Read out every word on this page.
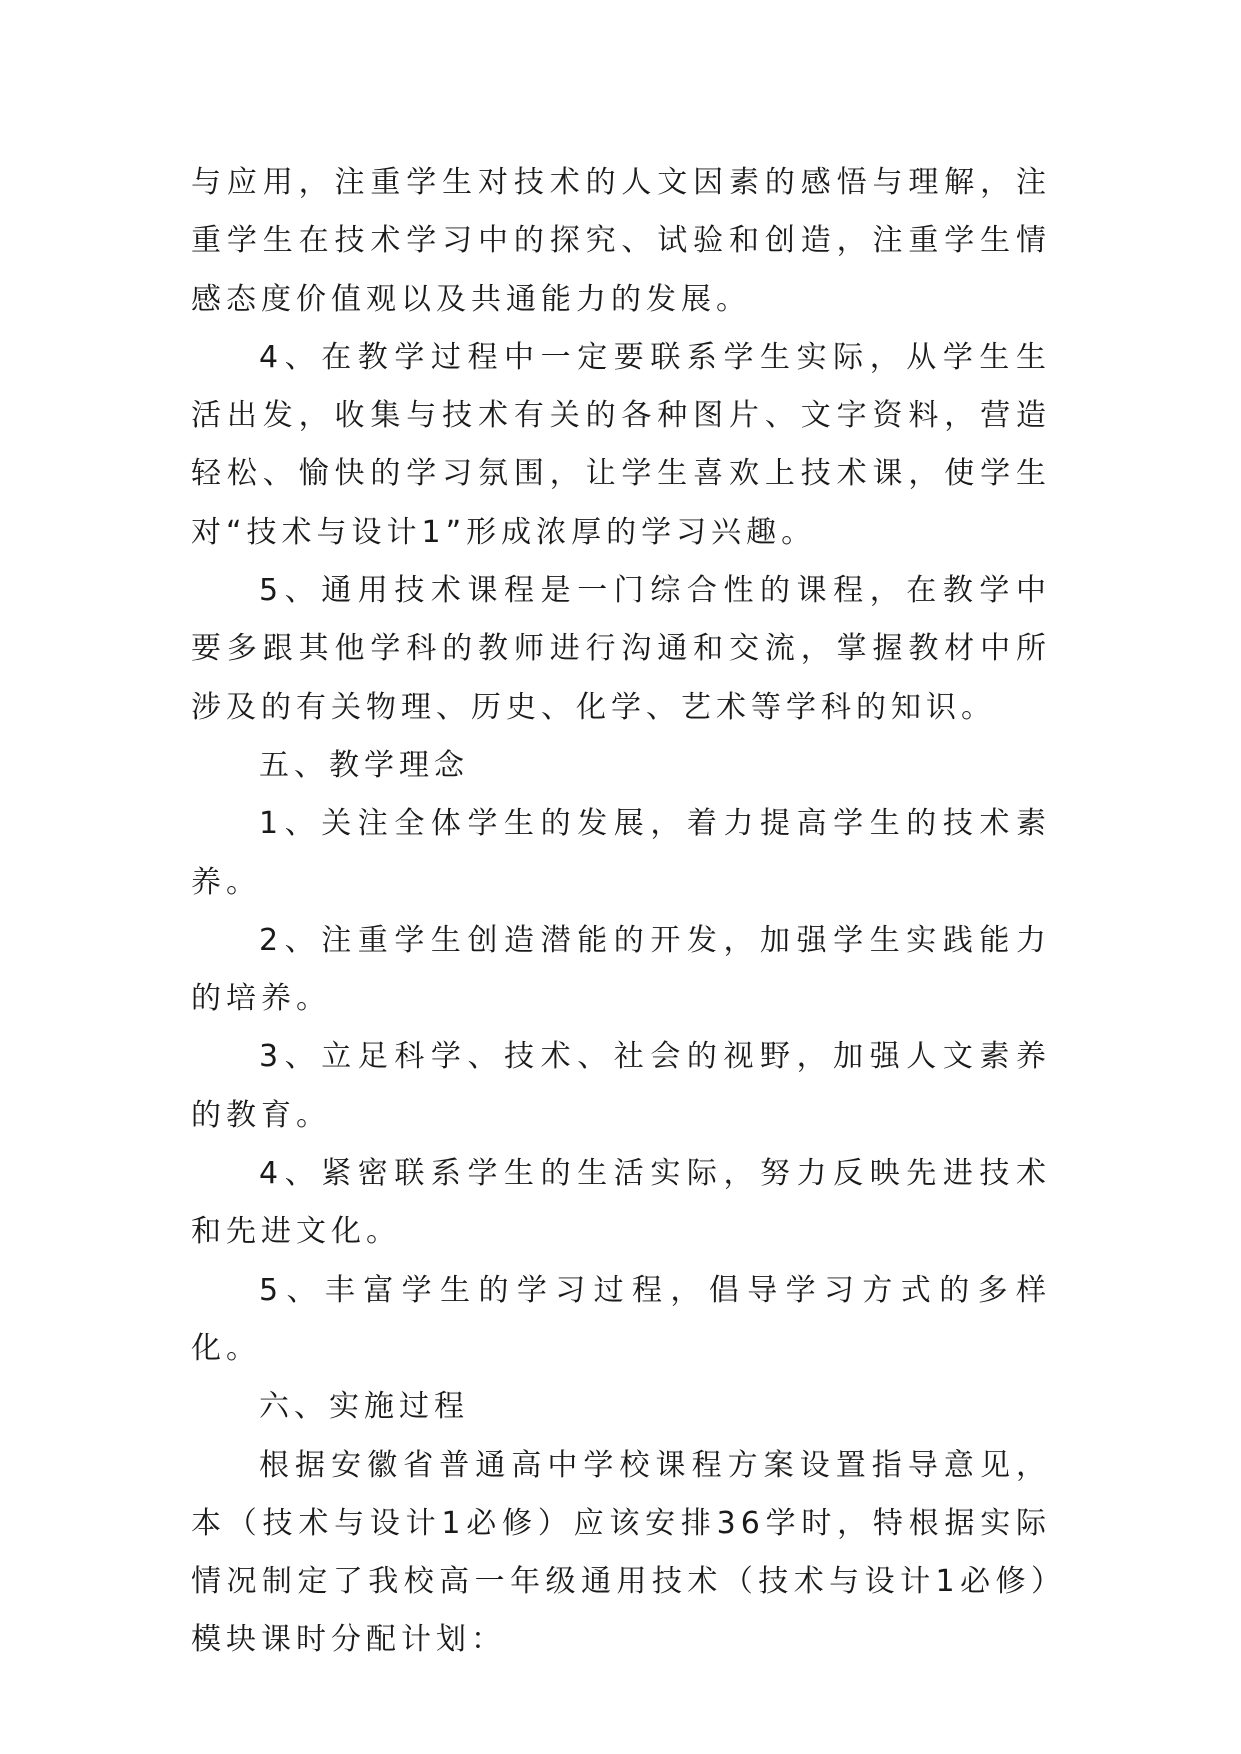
与应用，注重学生对技术的人文因素的感悟与理解，注重学生在技术学习中的探究、试验和创造，注重学生情感态度价值观以及共通能力的发展。

4、在教学过程中一定要联系学生实际，从学生生活出发，收集与技术有关的各种图片、文字资料，营造轻松、愉快的学习氛围，让学生喜欢上技术课，使学生对“技术与设计1”形成浓厚的学习兴趣。

5、通用技术课程是一门综合性的课程，在教学中要多跟其他学科的教师进行沟通和交流，掌握教材中所涉及的有关物理、历史、化学、艺术等学科的知识。

五、教学理念

1、关注全体学生的发展，着力提高学生的技术素养。

2、注重学生创造潜能的开发，加强学生实践能力的培养。

3、立足科学、技术、社会的视野，加强人文素养的教育。

4、紧密联系学生的生活实际，努力反映先进技术和先进文化。

5、丰富学生的学习过程，倡导学习方式的多样化。

六、实施过程

根据安徽省普通高中学校课程方案设置指导意见，本（技术与设计1必修）应该安排36学时，特根据实际情况制定了我校高一年级通用技术（技术与设计1必修）模块课时分配计划：
